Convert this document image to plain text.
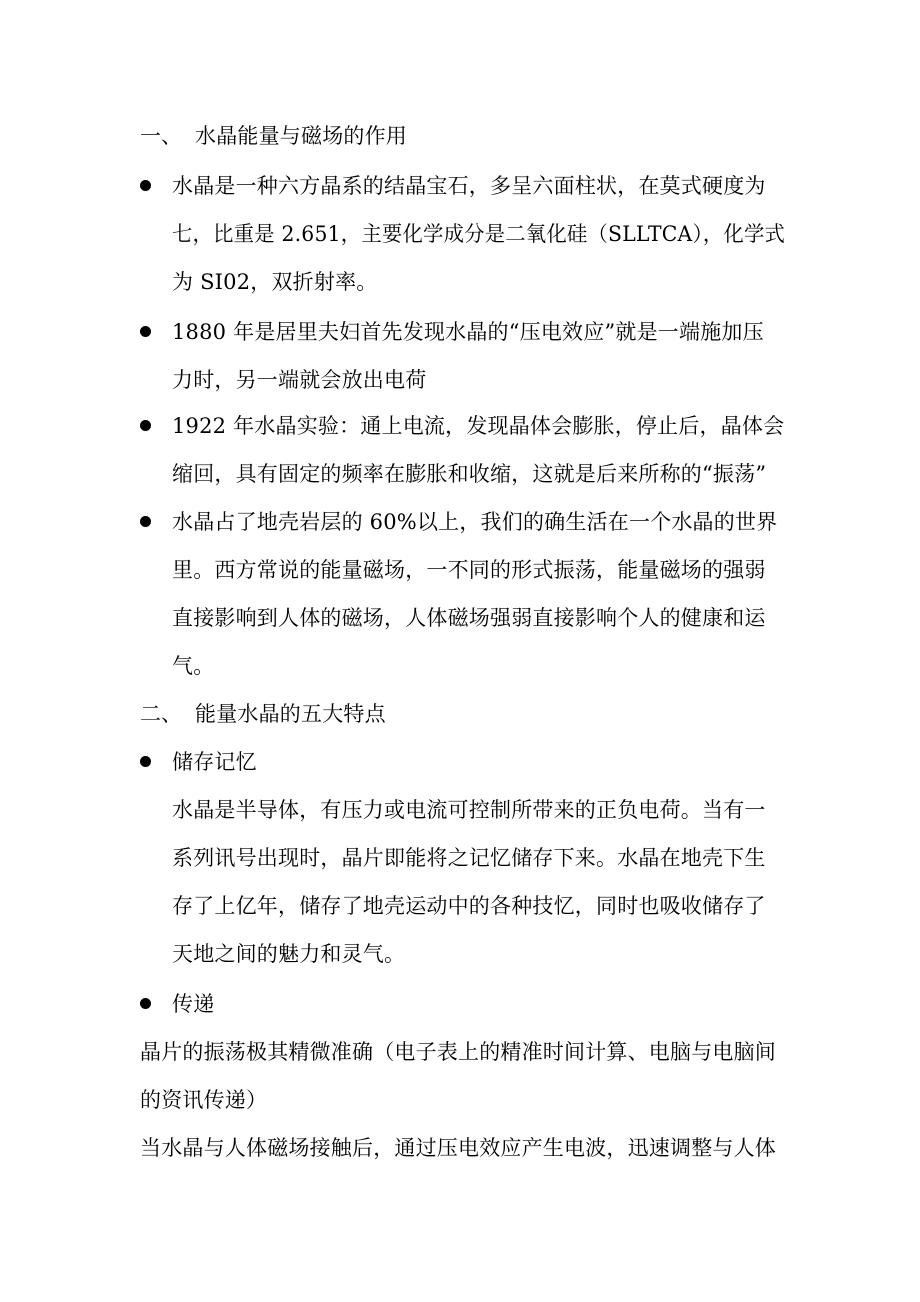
一、 水晶能量与磁场的作用
水晶是一种六方晶系的结晶宝石，多呈六面柱状，在莫式硬度为
七，比重是 2.651，主要化学成分是二氧化硅（SLLTCA），化学式
为 SI02，双折射率。
1880 年是居里夫妇首先发现水晶的“压电效应”就是一端施加压
力时，另一端就会放出电荷
1922 年水晶实验：通上电流，发现晶体会膨胀，停止后，晶体会
缩回，具有固定的频率在膨胀和收缩，这就是后来所称的“振荡”
水晶占了地壳岩层的 60%以上，我们的确生活在一个水晶的世界
里。西方常说的能量磁场，一不同的形式振荡，能量磁场的强弱
直接影响到人体的磁场，人体磁场强弱直接影响个人的健康和运
气。
二、 能量水晶的五大特点
储存记忆
水晶是半导体，有压力或电流可控制所带来的正负电荷。当有一
系列讯号出现时，晶片即能将之记忆储存下来。水晶在地壳下生
存了上亿年，储存了地壳运动中的各种技忆，同时也吸收储存了
天地之间的魅力和灵气。
传递
晶片的振荡极其精微准确（电子表上的精准时间计算、电脑与电脑间
的资讯传递）
当水晶与人体磁场接触后，通过压电效应产生电波，迅速调整与人体
